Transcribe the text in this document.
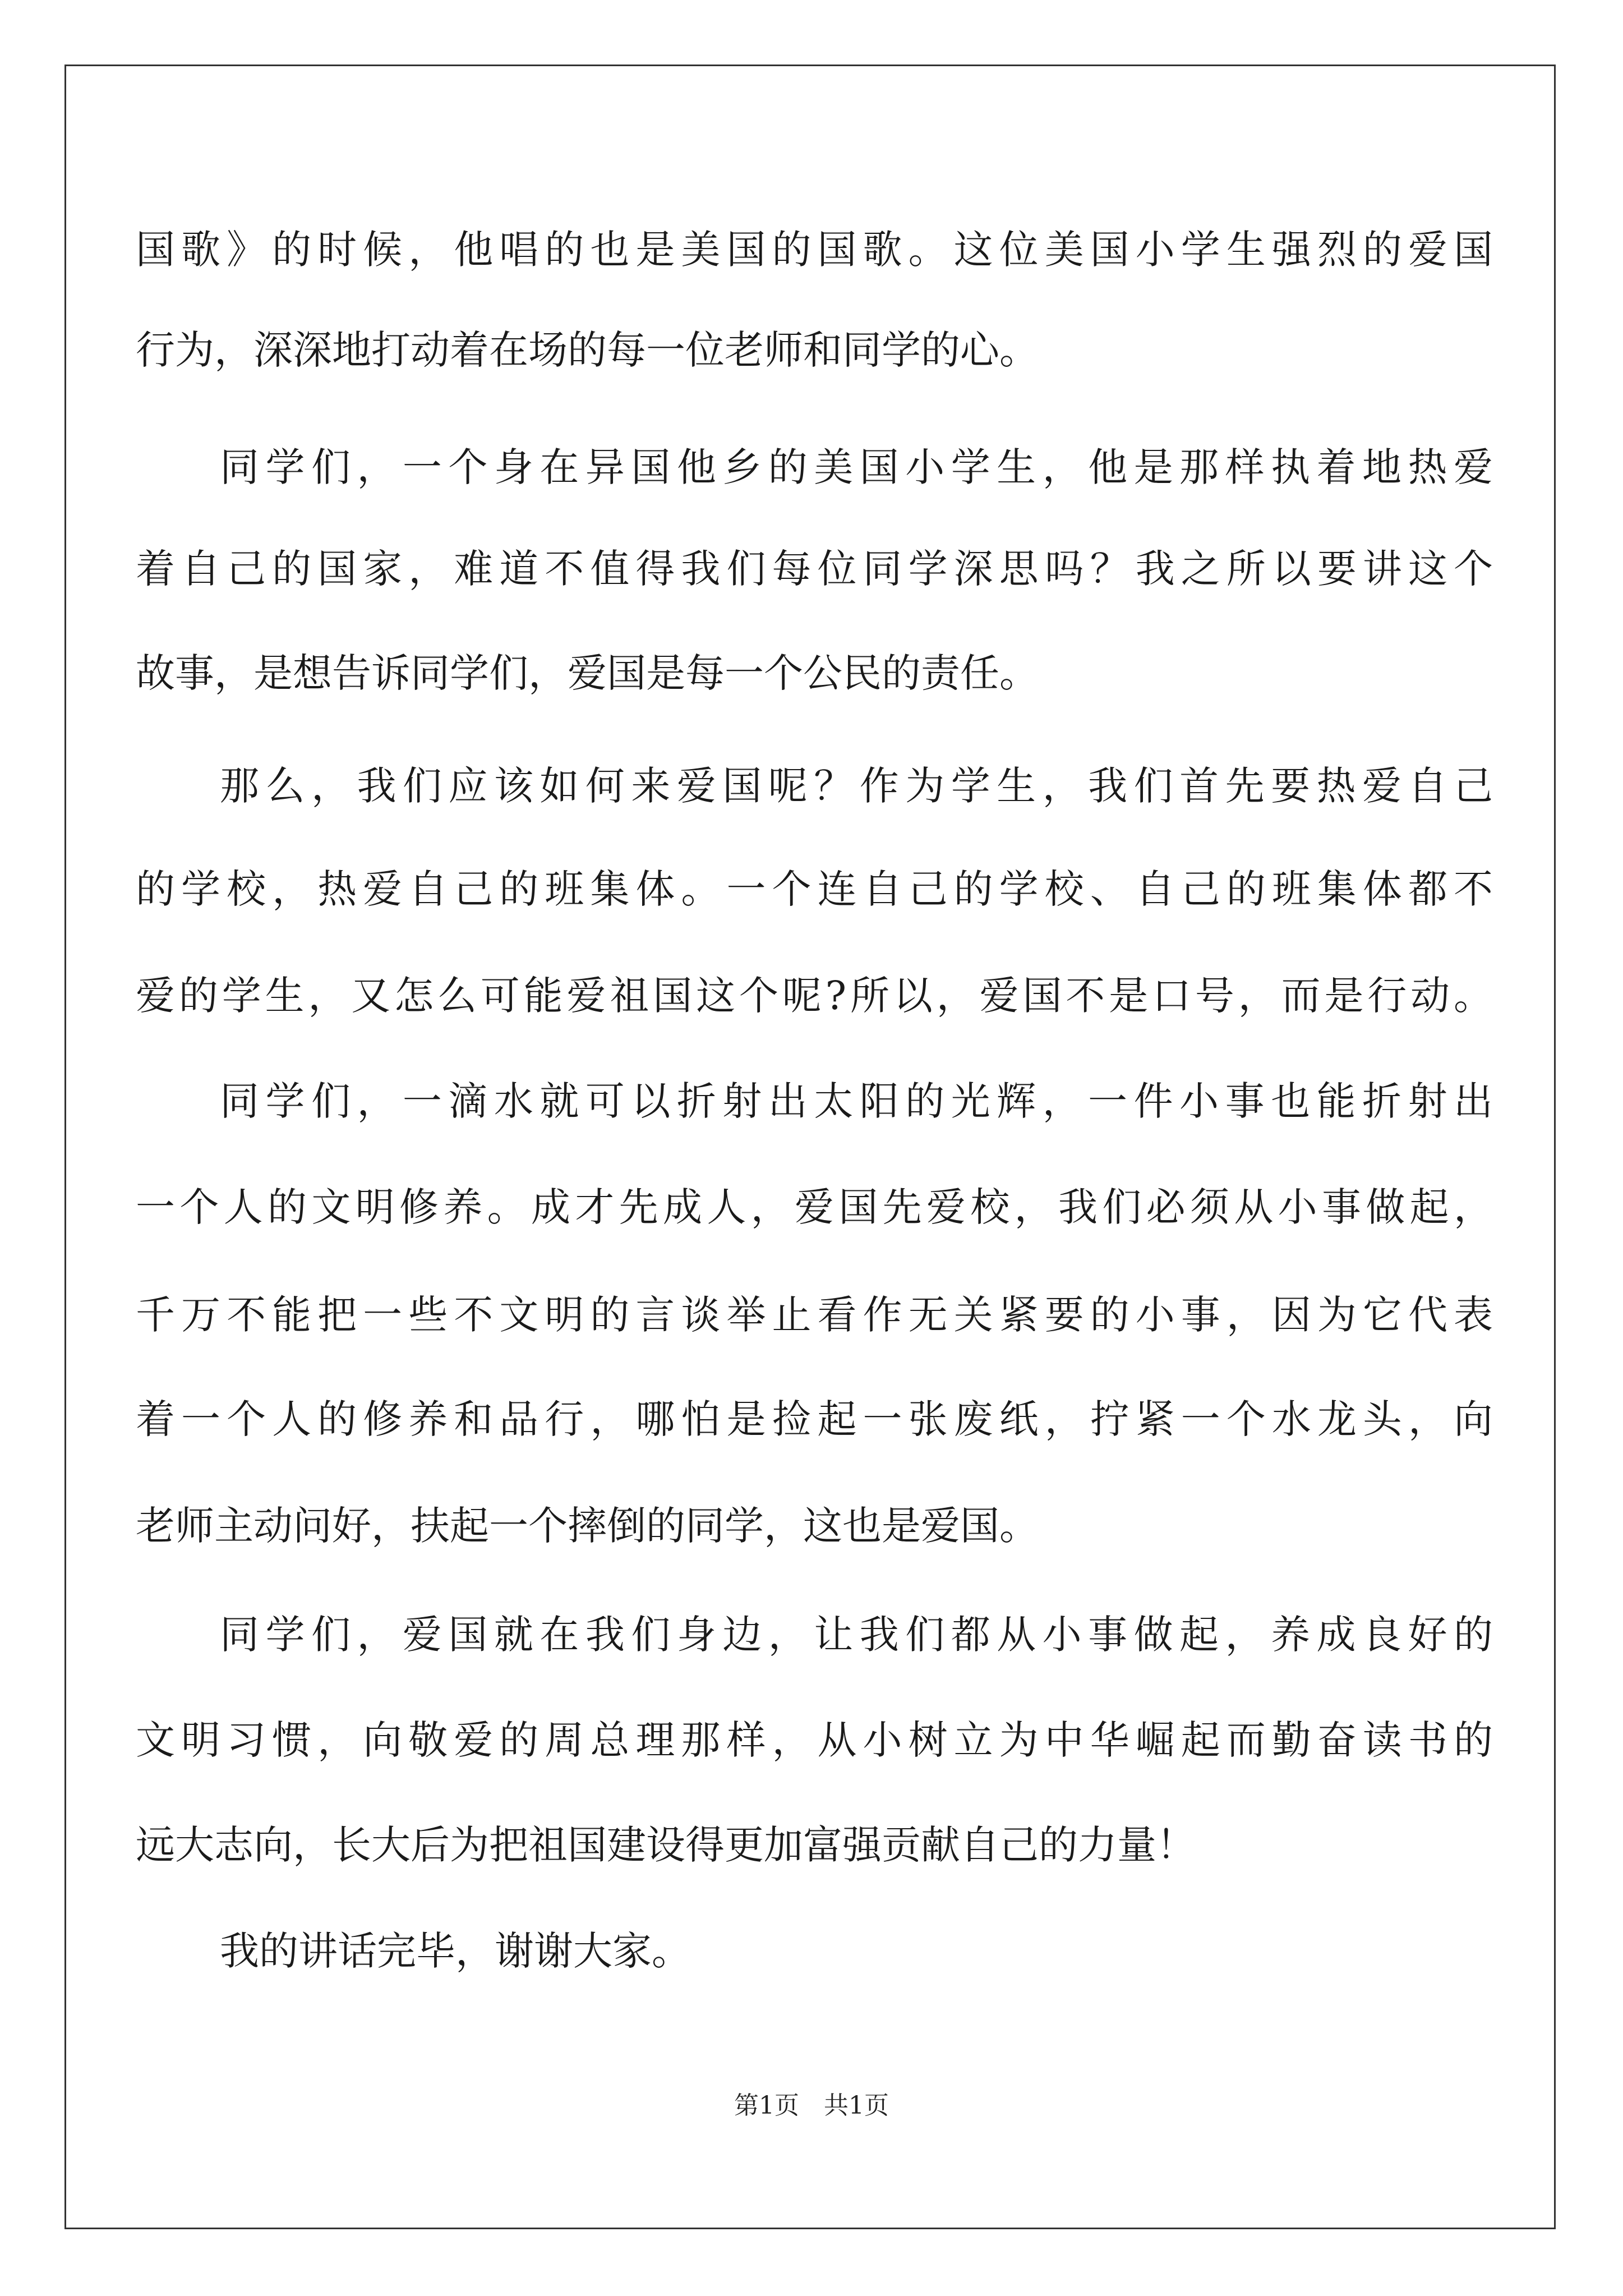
国歌》的时候，他唱的也是美国的国歌。这位美国小学生强烈的爱国
行为，深深地打动着在场的每一位老师和同学的心。
同学们，一个身在异国他乡的美国小学生，他是那样执着地热爱
着自己的国家，难道不值得我们每位同学深思吗？我之所以要讲这个
故事，是想告诉同学们，爱国是每一个公民的责任。
那么，我们应该如何来爱国呢？作为学生，我们首先要热爱自己
的学校，热爱自己的班集体。一个连自己的学校、自己的班集体都不
爱的学生，又怎么可能爱祖国这个呢?所以，爱国不是口号，而是行动。
同学们，一滴水就可以折射出太阳的光辉，一件小事也能折射出
一个人的文明修养。成才先成人，爱国先爱校，我们必须从小事做起，
千万不能把一些不文明的言谈举止看作无关紧要的小事，因为它代表
着一个人的修养和品行，哪怕是捡起一张废纸，拧紧一个水龙头，向
老师主动问好，扶起一个摔倒的同学，这也是爱国。
同学们，爱国就在我们身边，让我们都从小事做起，养成良好的
文明习惯，向敬爱的周总理那样，从小树立为中华崛起而勤奋读书的
远大志向，长大后为把祖国建设得更加富强贡献自己的力量！
我的讲话完毕，谢谢大家。
第1页　共1页
